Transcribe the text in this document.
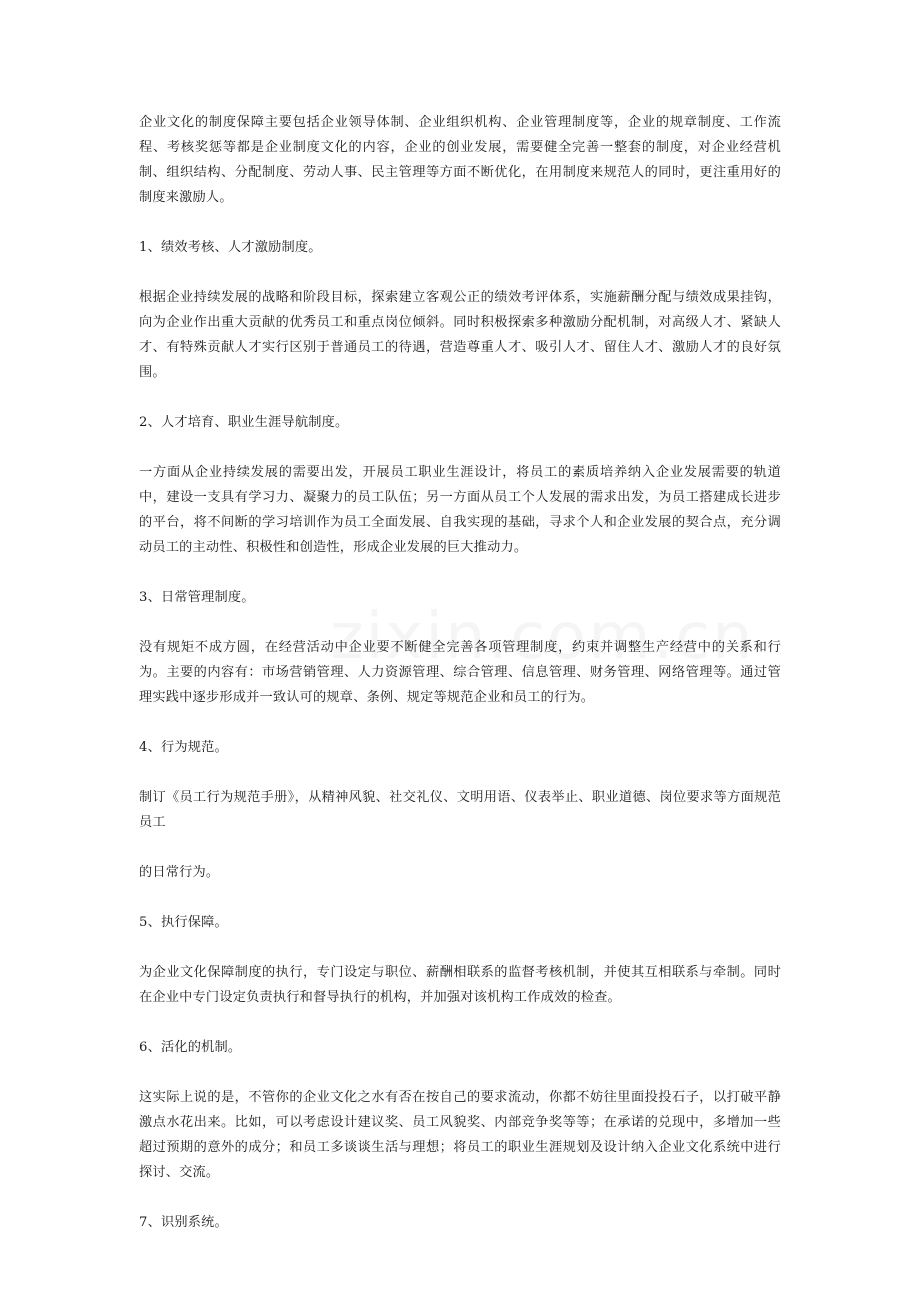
企业文化的制度保障主要包括企业领导体制、企业组织机构、企业管理制度等，企业的规章制度、工作流程、考核奖惩等都是企业制度文化的内容，企业的创业发展，需要健全完善一整套的制度，对企业经营机制、组织结构、分配制度、劳动人事、民主管理等方面不断优化，在用制度来规范人的同时，更注重用好的制度来激励人。

1、绩效考核、人才激励制度。

根据企业持续发展的战略和阶段目标，探索建立客观公正的绩效考评体系，实施薪酬分配与绩效成果挂钩，向为企业作出重大贡献的优秀员工和重点岗位倾斜。同时积极探索多种激励分配机制，对高级人才、紧缺人才、有特殊贡献人才实行区别于普通员工的待遇，营造尊重人才、吸引人才、留住人才、激励人才的良好氛围。

2、人才培育、职业生涯导航制度。

一方面从企业持续发展的需要出发，开展员工职业生涯设计，将员工的素质培养纳入企业发展需要的轨道中，建设一支具有学习力、凝聚力的员工队伍；另一方面从员工个人发展的需求出发，为员工搭建成长进步的平台，将不间断的学习培训作为员工全面发展、自我实现的基础，寻求个人和企业发展的契合点，充分调动员工的主动性、积极性和创造性，形成企业发展的巨大推动力。

3、日常管理制度。

没有规矩不成方圆，在经营活动中企业要不断健全完善各项管理制度，约束并调整生产经营中的关系和行为。主要的内容有：市场营销管理、人力资源管理、综合管理、信息管理、财务管理、网络管理等。通过管理实践中逐步形成并一致认可的规章、条例、规定等规范企业和员工的行为。

4、行为规范。

制订《员工行为规范手册》，从精神风貌、社交礼仪、文明用语、仪表举止、职业道德、岗位要求等方面规范员工

的日常行为。

5、执行保障。

为企业文化保障制度的执行，专门设定与职位、薪酬相联系的监督考核机制，并使其互相联系与牵制。同时在企业中专门设定负责执行和督导执行的机构，并加强对该机构工作成效的检查。

6、活化的机制。

这实际上说的是，不管你的企业文化之水有否在按自己的要求流动，你都不妨往里面投投石子，以打破平静激点水花出来。比如，可以考虑设计建议奖、员工风貌奖、内部竞争奖等等；在承诺的兑现中，多增加一些超过预期的意外的成分；和员工多谈谈生活与理想；将员工的职业生涯规划及设计纳入企业文化系统中进行探讨、交流。

7、识别系统。
